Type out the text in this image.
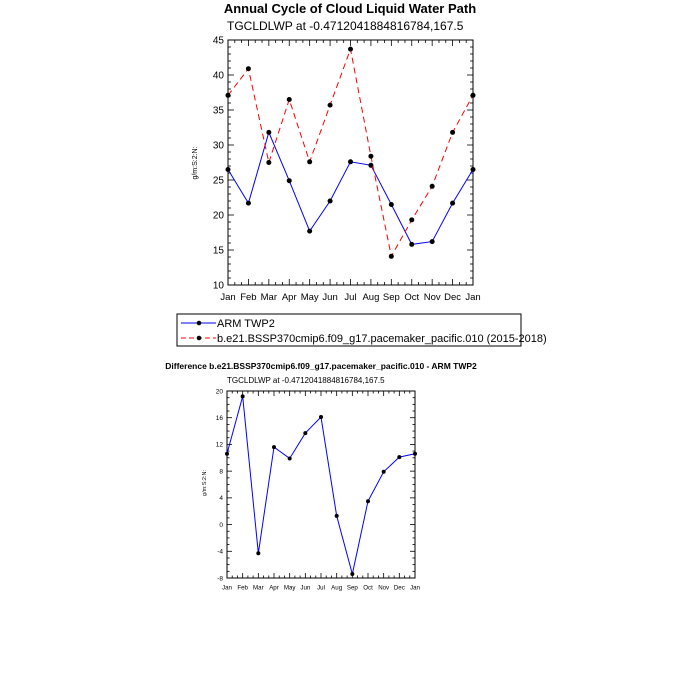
Annual Cycle of Cloud Liquid Water Path
TGCLDLWP at -0.4712041884816784,167.5
10
15
20
25
30
35
40
45
Jan Feb Mar Apr May Jun Jul Aug Sep Oct Nov Dec Jan
g/m:S:2:N:
ARM TWP2
b.e21.BSSP370cmip6.f09_g17.pacemaker_pacific.010 (2015-2018)
Difference b.e21.BSSP370cmip6.f09_g17.pacemaker_pacific.010 - ARM TWP2
TGCLDLWP at -0.4712041884816784,167.5
-8
-4
0
4
8
12
16
20
Jan Feb Mar Apr May Jun Jul Aug Sep Oct Nov Dec Jan
g/m:S:2:N:
